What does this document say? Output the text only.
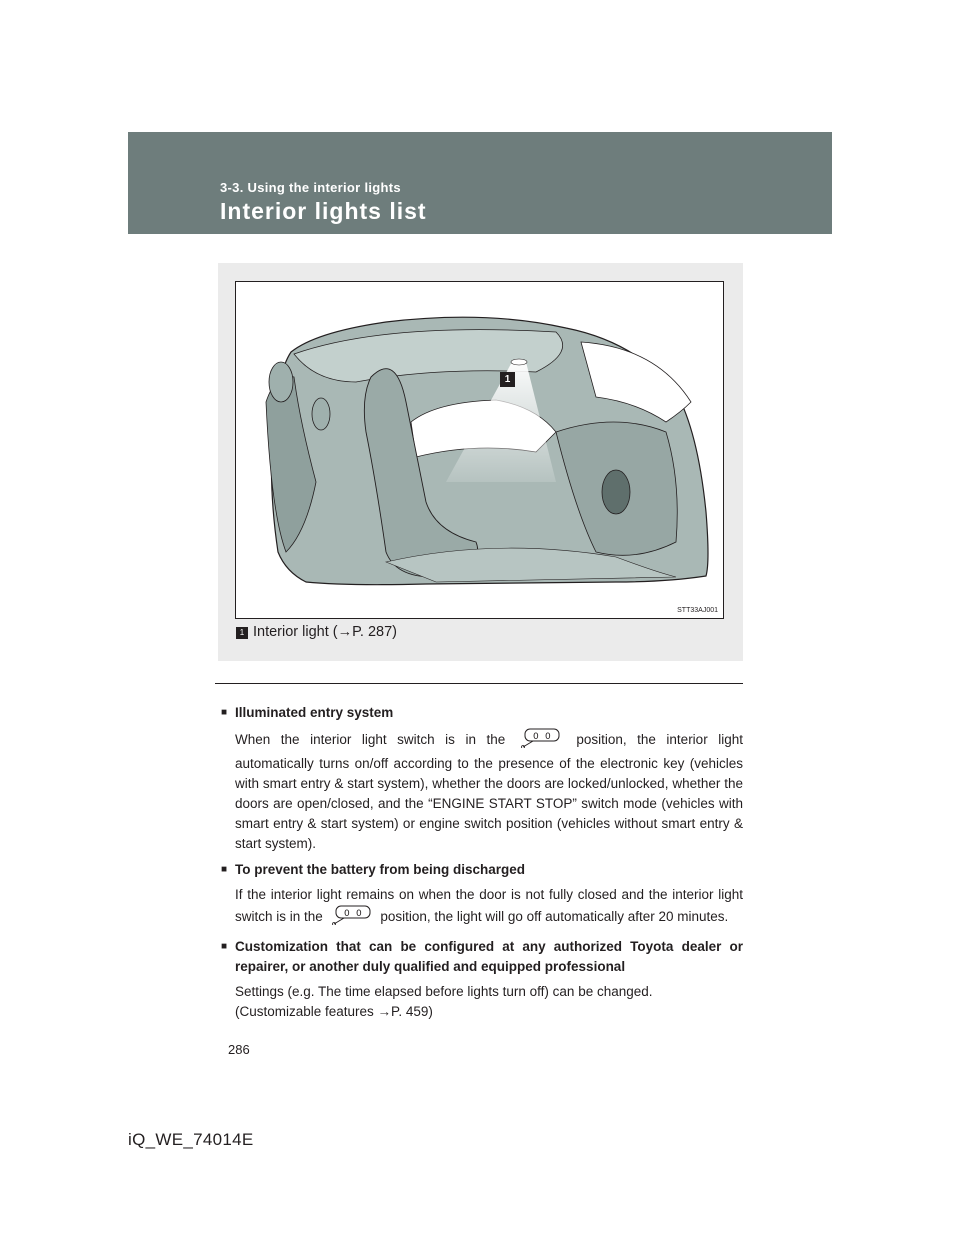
3-3. Using the interior lights

Interior lights list
1
STT33AJ001
1 Interior light (→P. 287)

■ Illuminated entry system

When the interior light switch is in the	0 0 position, the interior light automatically turns on/off according to the presence of the electronic key (vehicles with smart entry & start system), whether the doors are locked/unlocked, whether the doors are open/closed, and the “ENGINE START STOP” switch mode (vehicles with smart entry & start system) or engine switch position (vehicles without smart entry & start system).

■ To prevent the battery from being discharged

If the interior light remains on when the door is not fully closed and the interior light switch is in the 0 0 position, the light will go off automatically after 20 minutes.

■ Customization that can be configured at any authorized Toyota dealer or repairer, or another duly qualified and equipped professional

Settings (e.g. The time elapsed before lights turn off) can be changed.
(Customizable features →P. 459)

286
iQ_WE_74014E
